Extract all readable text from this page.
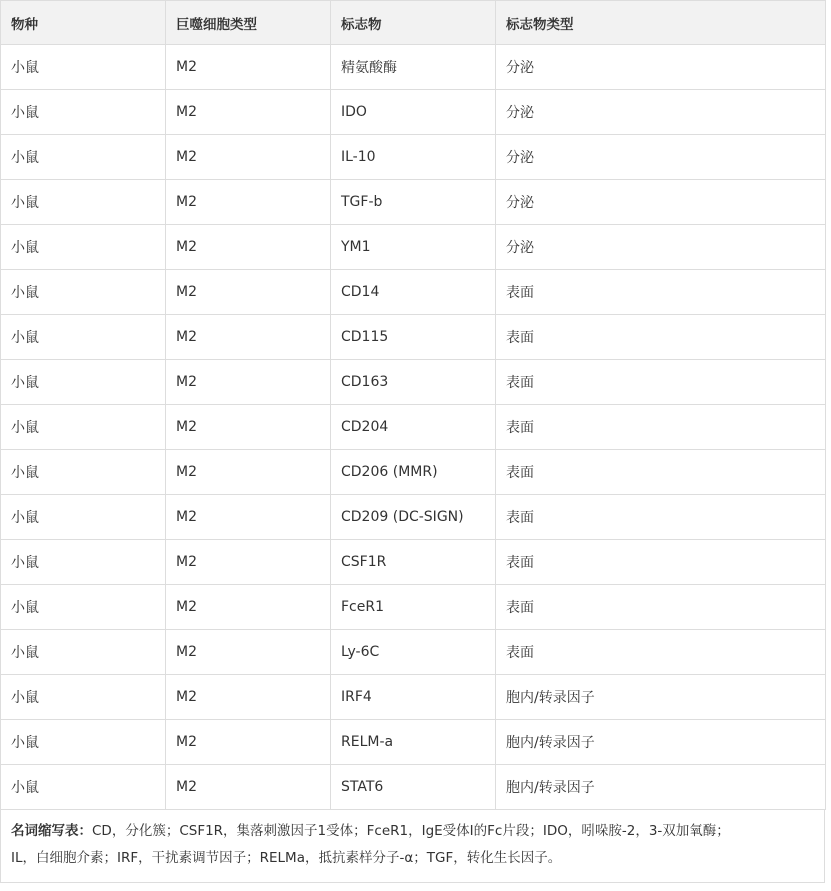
物种	巨噬细胞类型	标志物	标志物类型
小鼠	M2	精氨酸酶	分泌
小鼠	M2	IDO	分泌
小鼠	M2	IL-10	分泌
小鼠	M2	TGF-b	分泌
小鼠	M2	YM1	分泌
小鼠	M2	CD14	表面
小鼠	M2	CD115	表面
小鼠	M2	CD163	表面
小鼠	M2	CD204	表面
小鼠	M2	CD206 (MMR)	表面
小鼠	M2	CD209 (DC-SIGN)	表面
小鼠	M2	CSF1R	表面
小鼠	M2	FceR1	表面
小鼠	M2	Ly-6C	表面
小鼠	M2	IRF4	胞内/转录因子
小鼠	M2	RELM-a	胞内/转录因子
小鼠	M2	STAT6	胞内/转录因子
名词缩写表：CD，分化簇；CSF1R，集落刺激因子1受体；FceR1，IgE受体I的Fc片段；IDO，吲哚胺-2，3-双加氧酶；
IL，白细胞介素；IRF，干扰素调节因子；RELMa，抵抗素样分子-α；TGF，转化生长因子。
